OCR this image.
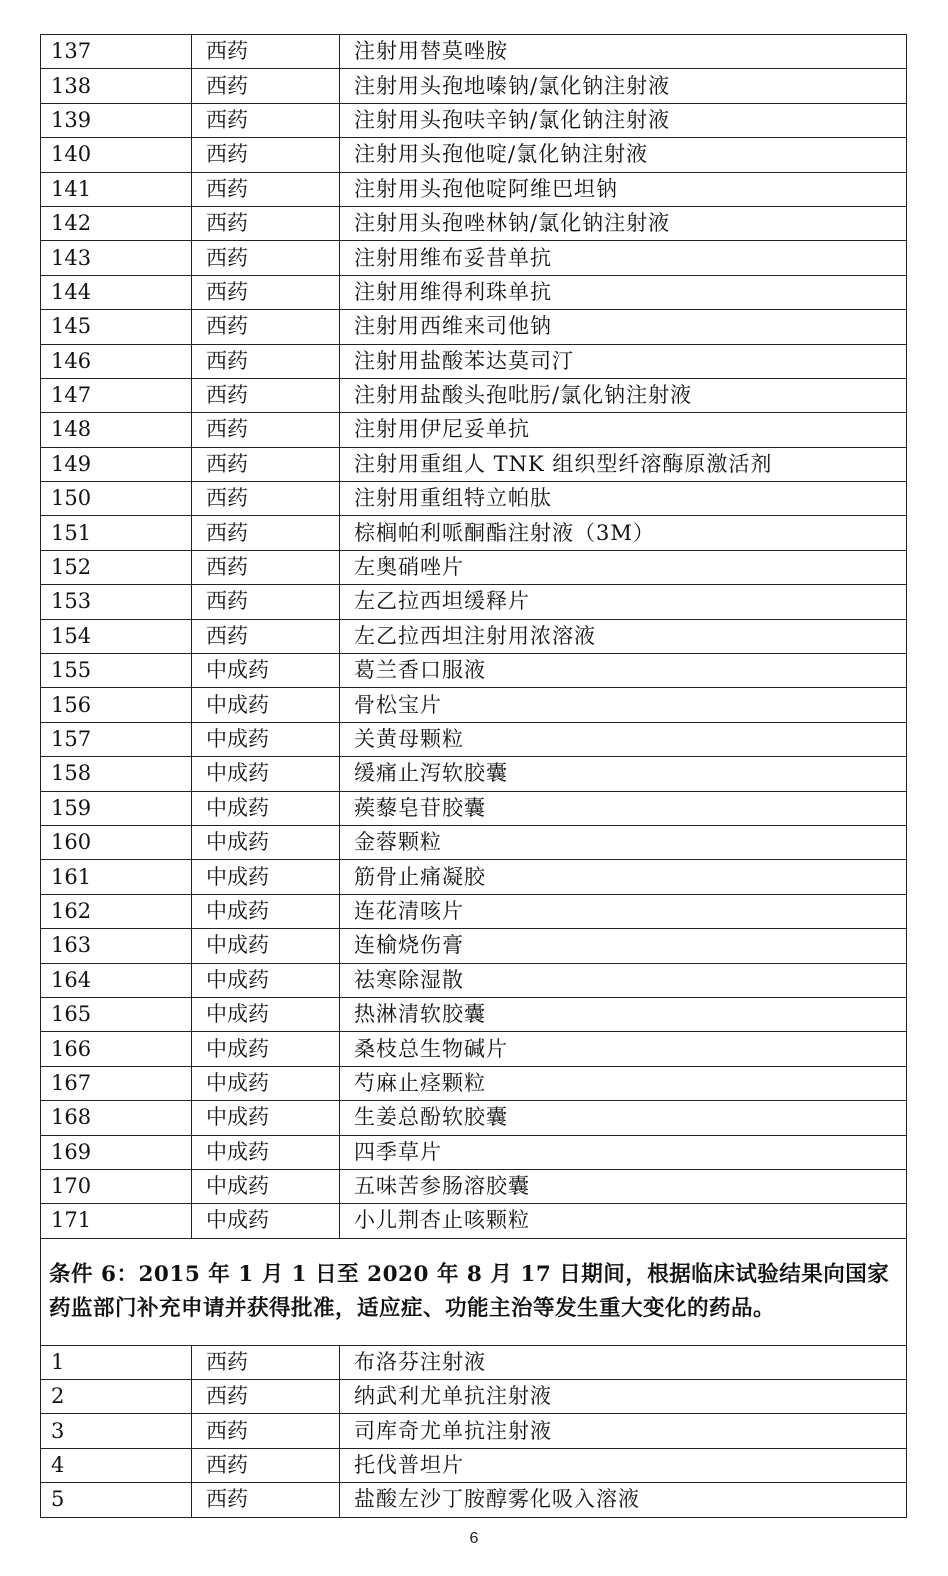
137	西药	注射用替莫唑胺
138	西药	注射用头孢地嗪钠/氯化钠注射液
139	西药	注射用头孢呋辛钠/氯化钠注射液
140	西药	注射用头孢他啶/氯化钠注射液
141	西药	注射用头孢他啶阿维巴坦钠
142	西药	注射用头孢唑林钠/氯化钠注射液
143	西药	注射用维布妥昔单抗
144	西药	注射用维得利珠单抗
145	西药	注射用西维来司他钠
146	西药	注射用盐酸苯达莫司汀
147	西药	注射用盐酸头孢吡肟/氯化钠注射液
148	西药	注射用伊尼妥单抗
149	西药	注射用重组人 TNK 组织型纤溶酶原激活剂
150	西药	注射用重组特立帕肽
151	西药	棕榈帕利哌酮酯注射液（3M）
152	西药	左奥硝唑片
153	西药	左乙拉西坦缓释片
154	西药	左乙拉西坦注射用浓溶液
155	中成药	葛兰香口服液
156	中成药	骨松宝片
157	中成药	关黄母颗粒
158	中成药	缓痛止泻软胶囊
159	中成药	蒺藜皂苷胶囊
160	中成药	金蓉颗粒
161	中成药	筋骨止痛凝胶
162	中成药	连花清咳片
163	中成药	连榆烧伤膏
164	中成药	祛寒除湿散
165	中成药	热淋清软胶囊
166	中成药	桑枝总生物碱片
167	中成药	芍麻止痉颗粒
168	中成药	生姜总酚软胶囊
169	中成药	四季草片
170	中成药	五味苦参肠溶胶囊
171	中成药	小儿荆杏止咳颗粒
条件 6：2015 年 1 月 1 日至 2020 年 8 月 17 日期间，根据临床试验结果向国家药监部门补充申请并获得批准，适应症、功能主治等发生重大变化的药品。		
1	西药	布洛芬注射液
2	西药	纳武利尤单抗注射液
3	西药	司库奇尤单抗注射液
4	西药	托伐普坦片
5	西药	盐酸左沙丁胺醇雾化吸入溶液
6
